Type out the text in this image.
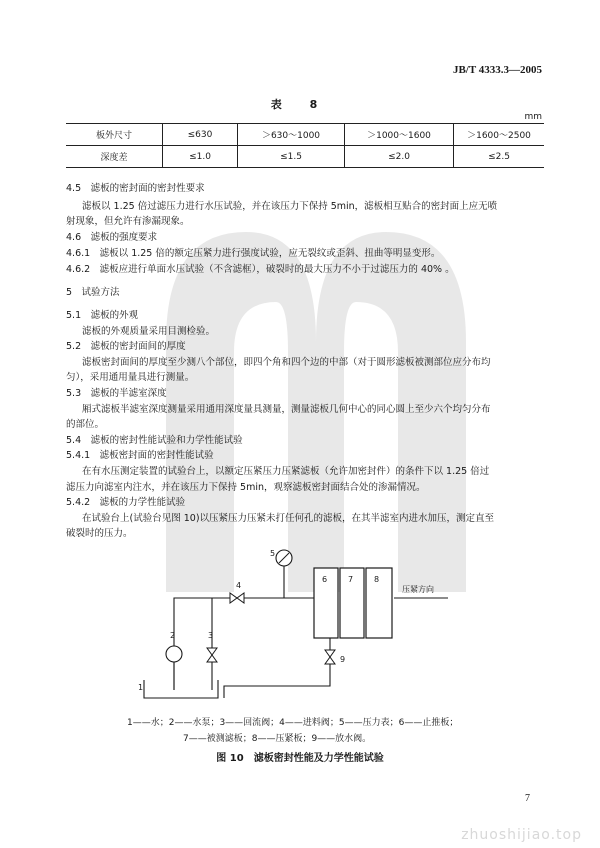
JB/T 4333.3—2005
表 8
mm
板外尺寸	≤630	＞630～1000	＞1000～1600	＞1600～2500
深度差	≤1.0	≤1.5	≤2.0	≤2.5
4.5　滤板的密封面的密封性要求
滤板以 1.25 倍过滤压力进行水压试验，并在该压力下保持 5min，滤板相互贴合的密封面上应无喷
射现象，但允许有渗漏现象。
4.6　滤板的强度要求
4.6.1　滤板以 1.25 倍的额定压紧力进行强度试验，应无裂纹或歪斜、扭曲等明显变形。
4.6.2　滤板应进行单面水压试验（不含滤框），破裂时的最大压力不小于过滤压力的 40% 。
5　试验方法
5.1　滤板的外观
滤板的外观质量采用目测检验。
5.2　滤板的密封面间的厚度
滤板密封面间的厚度至少测八个部位，即四个角和四个边的中部（对于圆形滤板被测部位应分布均
匀），采用通用量具进行测量。
5.3　滤板的半滤室深度
厢式滤板半滤室深度测量采用通用深度量具测量，测量滤板几何中心的同心圆上至少六个均匀分布
的部位。
5.4　滤板的密封性能试验和力学性能试验
5.4.1　滤板密封面的密封性能试验
在有水压测定装置的试验台上，以额定压紧压力压紧滤板（允许加密封件）的条件下以 1.25 倍过
滤压力向滤室内注水，并在该压力下保持 5min，观察滤板密封面结合处的渗漏情况。
5.4.2　滤板的力学性能试验
在试验台上(试验台见图 10)以压紧压力压紧未打任何孔的滤板，在其半滤室内进水加压，测定直至
破裂时的压力。
1
2	3
4
5
6	7	8
9
压紧方向
1——水；2——水泵；3——回流阀；4——进料阀；5——压力表；6——止推板；
7——被测滤板；8——压紧板；9——放水阀。
图 10　滤板密封性能及力学性能试验
7
zhuoshijiao.top
